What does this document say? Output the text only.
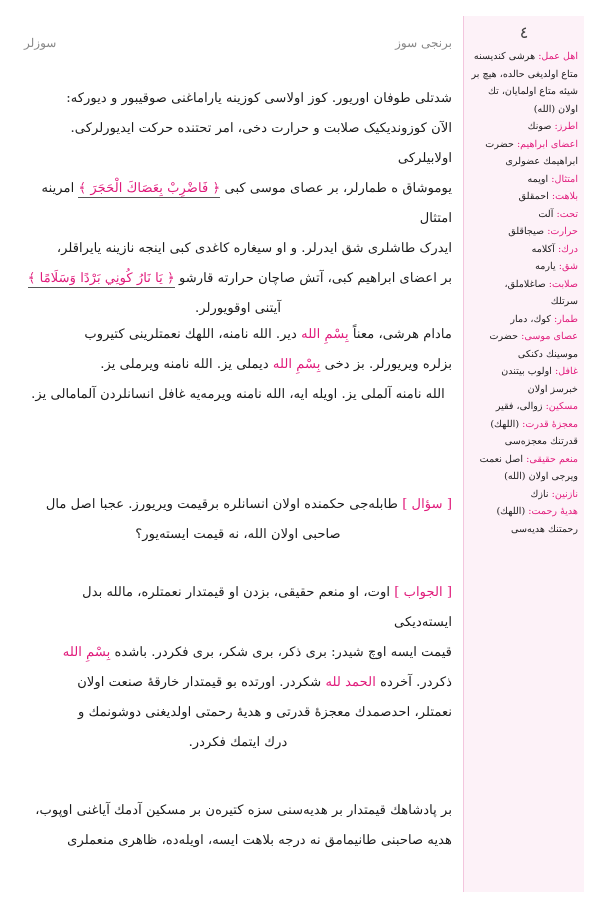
سوزلر	برنجی سوز

شدتلی طوفان اوریور. کوز اولاسی کوزینه یاراماغنی صوقیبور و دیورکه:

الآن کوزوندیکیک صلابت و حرارت دخی، امر تحتنده حرکت ایدیورلرکی. اولابیلرکی

یوموشاق ه طمارلر، بر عصای موسی کبی ﴿ فَاضْرِبْ بِعَصَاكَ الْحَجَرَ ﴾ امرینه امتثال

ایدرک طاشلری شق ایدرلر. و او سیغاره کاغدی کبی اینجه نازینه یایراقلر،

بر اعضای ابراهیم کبی، آتش صاچان حرارته قارشو ﴿ يَا نَارُ كُونِي بَرْدًا وَسَلَامًا ﴾

آیتنی اوقویورلر.

مادام هرشی، معناً بِسْمِ الله دیر. الله نامنه، اللهك نعمتلرینی کتیروب

بزلره ویریورلر. بز دخی بِسْمِ الله دیملی یز. الله نامنه ویرملی یز.

الله نامنه آلملی یز. اویله ایه، الله نامنه ویرمه‌یه غافل انسانلردن آلمامالی یز.

[ سؤال ] طابله‌جی حکمنده اولان انسانلره برقیمت ویریورز. عجبا اصل مال

صاحبی اولان الله، نه قیمت ایسته‌یور؟

[ الجواب ] اوت، او منعم حقیقی، بزدن او قیمتدار نعمتلره، مالله بدل ایسته‌دیکی

قیمت ایسه اوچ شیدر: بری ذکر، بری شکر، بری فکردر. باشده بِسْمِ الله

ذکردر. آخرده الحمد لله شکردر. اورتده بو قیمتدار خارقهٔ صنعت اولان

نعمتلر، احدصمدك معجزهٔ قدرتی و هدیهٔ رحمتی اولدیغنی دوشونمك و

درك ایتمك فکردر.

بر پادشاهك قیمتدار بر هدیه‌سنی سزه کتیره‌ن بر مسکین آدمك آیاغنی اوپوب،

هدیه صاحبنی طانیمامق نه درجه بلاهت ایسه، اویله‌ده، ظاهری منعملری

٤
اهل عمل: هرشی کندیسنه
متاع اولدیغی حالده، هیچ بر
شیئه متاع اولمایان، تك
اولان (الله)
اطرز: صونك
اعضای ابراهیم: حضرت
ابراهیمك عضولری
امتثال: اویمه
بلاهت: احمقلق
تحت: آلت
حرارت: صیجاقلق
درك: آکلامه
شق: یارمه
صلابت: صاغلاملق،
سرتلك
طمار: کوك، دمار
عصای موسی: حضرت
موسینك دکنکی
غافل: اولوب بیتندن
خبرسز اولان
مسکین: زوالی، فقیر
معجزهٔ قدرت: (اللهك)
قدرتنك معجزه‌سی
منعم حقیقی: اصل نعمت
ویرجی اولان (الله)
نازنین: نازك
هدیهٔ رحمت: (اللهك)
رحمتنك هدیه‌سی
